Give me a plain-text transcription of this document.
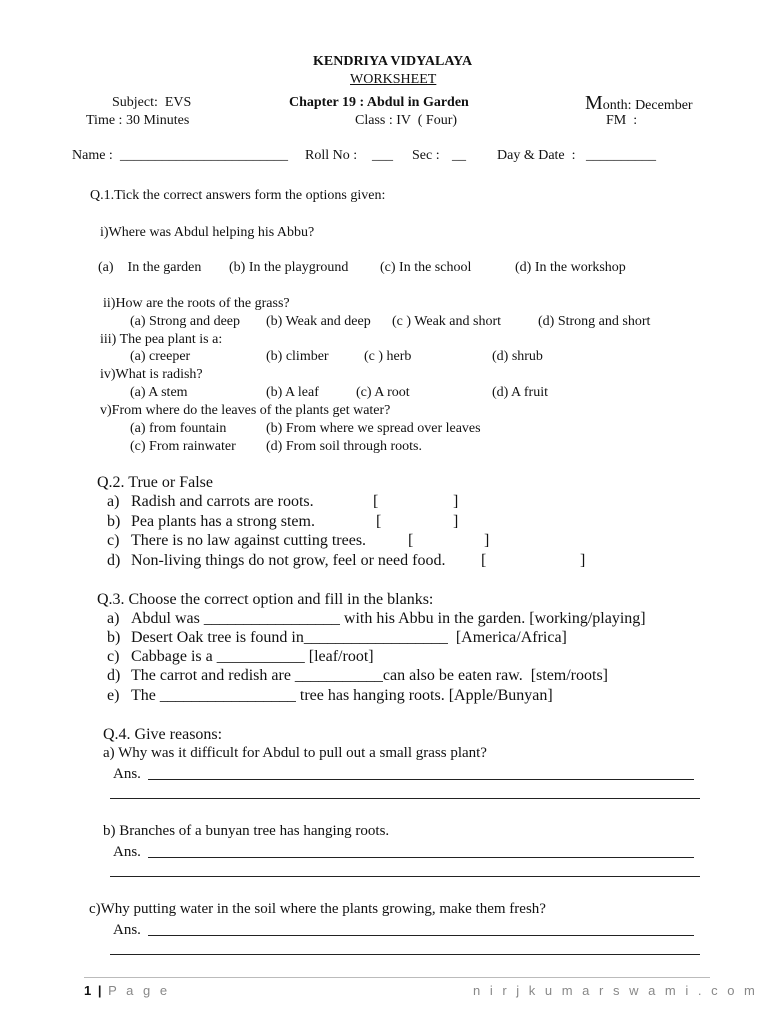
KENDRIYA VIDYALAYA
WORKSHEET
Subject:  EVS
Time : 30 Minutes
Chapter 19 : Abdul in Garden
Class : IV  ( Four)
Month: December
FM  :
Name : ________________________ Roll No : ___ Sec : __ Day & Date  : __________
Q.1.Tick the correct answers form the options given:
i)Where was Abdul helping his Abbu?
(a)    In the garden (b) In the playground (c) In the school	(d) In the workshop
ii)How are the roots of the grass?
(a) Strong and deep (b) Weak and deep (c ) Weak and short	(d) Strong and short
iii) The pea plant is a:
(a) creeper	(b) climber	(c ) herb	(d) shrub
iv)What is radish?
(a) A stem	(b) A leaf	(c) A root	(d) A fruit
v)From where do the leaves of the plants get water?
(a) from fountain	(b) From where we spread over leaves
(c) From rainwater (d) From soil through roots.
Q.2. True or False
a) Radish and carrots are roots.	[	]
b) Pea plants has a strong stem.	[	]
c) There is no law against cutting trees.	[	]
d) Non-living things do not grow, feel or need food. [	]
Q.3. Choose the correct option and fill in the blanks:
a) Abdul was _________________ with his Abbu in the garden. [working/playing]
b) Desert Oak tree is found in__________________  [America/Africa]
c) Cabbage is a ___________ [leaf/root]
d) The carrot and redish are ___________can also be eaten raw.  [stem/roots]
e) The _________________ tree has hanging roots. [Apple/Bunyan]
Q.4. Give reasons:
a) Why was it difficult for Abdul to pull out a small grass plant?
Ans.
b) Branches of a bunyan tree has hanging roots.
Ans.
c)Why putting water in the soil where the plants growing, make them fresh?
Ans.
1 | P a g e	n i r j k u m a r s w a m i . c o m
